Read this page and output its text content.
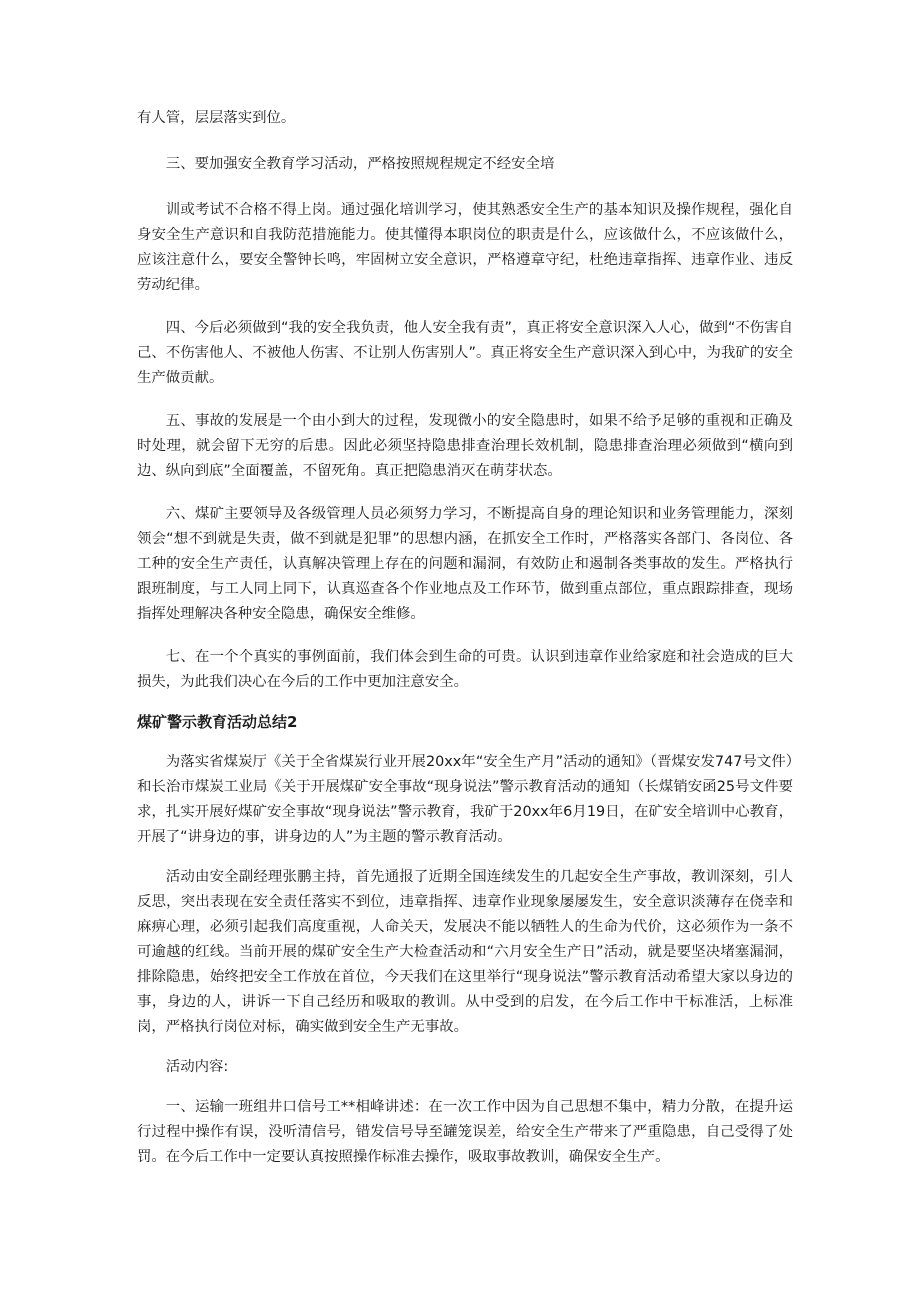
有人管，层层落实到位。

三、要加强安全教育学习活动，严格按照规程规定不经安全培

训或考试不合格不得上岗。通过强化培训学习，使其熟悉安全生产的基本知识及操作规程，强化自身安全生产意识和自我防范措施能力。使其懂得本职岗位的职责是什么，应该做什么，不应该做什么，应该注意什么，要安全警钟长鸣，牢固树立安全意识，严格遵章守纪，杜绝违章指挥、违章作业、违反劳动纪律。

四、今后必须做到“我的安全我负责，他人安全我有责”，真正将安全意识深入人心，做到“不伤害自己、不伤害他人、不被他人伤害、不让别人伤害别人”。真正将安全生产意识深入到心中，为我矿的安全生产做贡献。

五、事故的发展是一个由小到大的过程，发现微小的安全隐患时，如果不给予足够的重视和正确及时处理，就会留下无穷的后患。因此必须坚持隐患排查治理长效机制，隐患排查治理必须做到“横向到边、纵向到底”全面覆盖，不留死角。真正把隐患消灭在萌芽状态。

六、煤矿主要领导及各级管理人员必须努力学习，不断提高自身的理论知识和业务管理能力，深刻领会“想不到就是失责，做不到就是犯罪”的思想内涵，在抓安全工作时，严格落实各部门、各岗位、各工种的安全生产责任，认真解决管理上存在的问题和漏洞，有效防止和遏制各类事故的发生。严格执行跟班制度，与工人同上同下，认真巡查各个作业地点及工作环节，做到重点部位，重点跟踪排查，现场指挥处理解决各种安全隐患，确保安全维修。

七、在一个个真实的事例面前，我们体会到生命的可贵。认识到违章作业给家庭和社会造成的巨大损失，为此我们决心在今后的工作中更加注意安全。

煤矿警示教育活动总结2

为落实省煤炭厅《关于全省煤炭行业开展20xx年“安全生产月”活动的通知》（晋煤安发747号文件）和长治市煤炭工业局《关于开展煤矿安全事故“现身说法”警示教育活动的通知（长煤销安函25号文件要求，扎实开展好煤矿安全事故“现身说法”警示教育，我矿于20xx年6月19日，在矿安全培训中心教育，开展了“讲身边的事，讲身边的人”为主题的警示教育活动。

活动由安全副经理张鹏主持，首先通报了近期全国连续发生的几起安全生产事故，教训深刻，引人反思，突出表现在安全责任落实不到位，违章指挥、违章作业现象屡屡发生，安全意识淡薄存在侥幸和麻痹心理，必须引起我们高度重视，人命关天，发展决不能以牺牲人的生命为代价，这必须作为一条不可逾越的红线。当前开展的煤矿安全生产大检查活动和“六月安全生产日”活动，就是要坚决堵塞漏洞，排除隐患，始终把安全工作放在首位，今天我们在这里举行“现身说法”警示教育活动希望大家以身边的事，身边的人，讲诉一下自己经历和吸取的教训。从中受到的启发，在今后工作中干标准活，上标准岗，严格执行岗位对标，确实做到安全生产无事故。

活动内容:

一、运输一班组井口信号工**相峰讲述：在一次工作中因为自己思想不集中，精力分散，在提升运行过程中操作有误，没听清信号，错发信号导至罐笼误差，给安全生产带来了严重隐患，自己受得了处罚。在今后工作中一定要认真按照操作标准去操作，吸取事故教训，确保安全生产。
